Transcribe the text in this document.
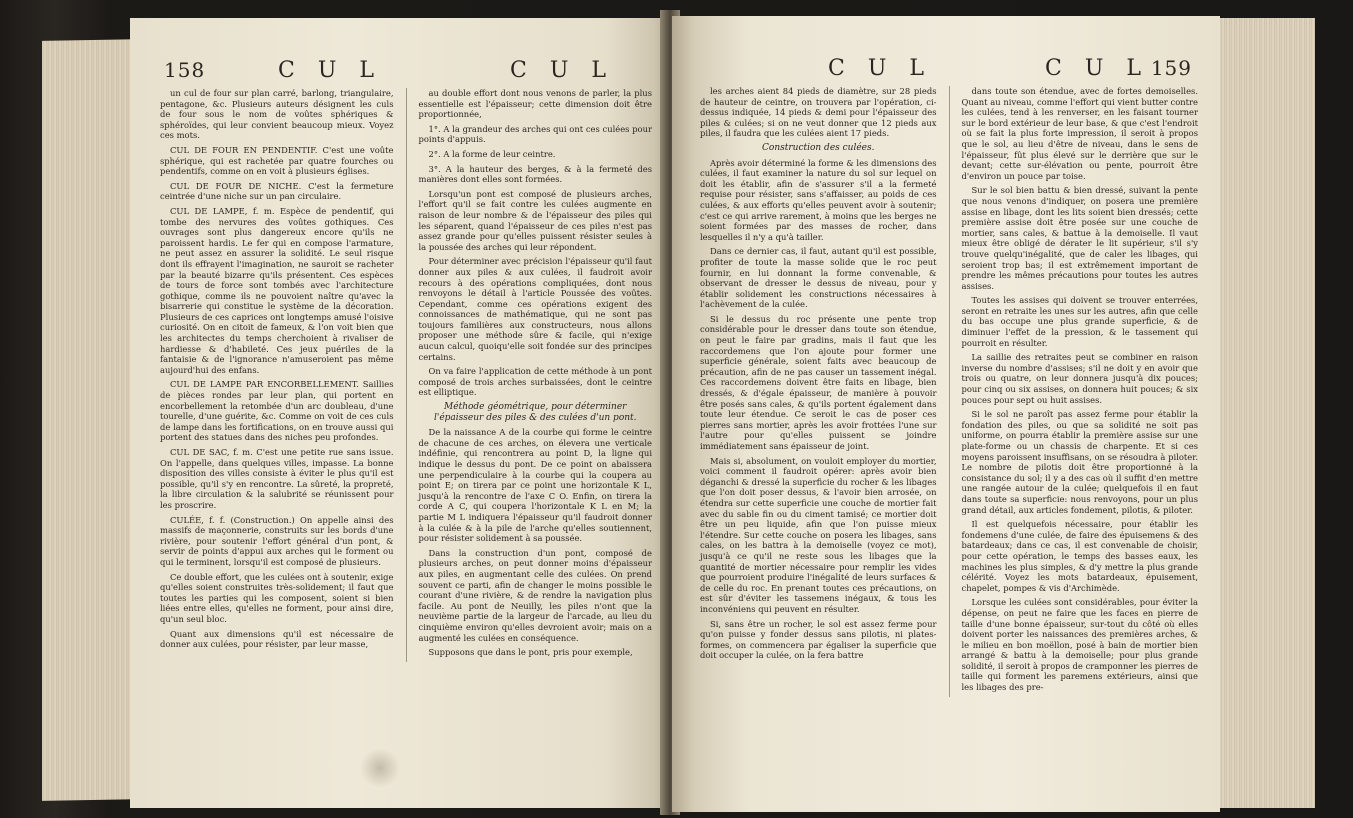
158	C U L	C U L

un cul de four sur plan carré, barlong, triangulaire, pentagone, &c. Plusieurs auteurs désignent les culs de four sous le nom de voûtes sphériques & sphéroïdes, qui leur convient beaucoup mieux. Voyez ces mots.

CUL DE FOUR EN PENDENTIF. C'est une voûte sphérique, qui est rachetée par quatre fourches ou pendentifs, comme on en voit à plusieurs églises.

CUL DE FOUR DE NICHE. C'est la fermeture ceintrée d'une niche sur un pan circulaire.

CUL DE LAMPE, f. m. Espèce de pendentif, qui tombe des nervures des voûtes gothiques. Ces ouvrages sont plus dangereux encore qu'ils ne paroissent hardis. Le fer qui en compose l'armature, ne peut assez en assurer la solidité. Le seul risque dont ils effrayent l'imagination, ne sauroit se racheter par la beauté bizarre qu'ils présentent. Ces espèces de tours de force sont tombés avec l'architecture gothique, comme ils ne pouvoient naître qu'avec la bisarrerie qui constitue le système de la décoration. Plusieurs de ces caprices ont longtemps amusé l'oisive curiosité. On en citoit de fameux, & l'on voit bien que les architectes du temps cherchoient à rivaliser de hardiesse & d'habileté. Ces jeux puériles de la fantaisie & de l'ignorance n'amuseroient pas même aujourd'hui des enfans.

CUL DE LAMPE PAR ENCORBELLEMENT. Saillies de pièces rondes par leur plan, qui portent en encorbellement la retombée d'un arc doubleau, d'une tourelle, d'une guérite, &c. Comme on voit de ces culs de lampe dans les fortifications, on en trouve aussi qui portent des statues dans des niches peu profondes.

CUL DE SAC, f. m. C'est une petite rue sans issue. On l'appelle, dans quelques villes, impasse. La bonne disposition des villes consiste à éviter le plus qu'il est possible, qu'il s'y en rencontre. La sûreté, la propreté, la libre circulation & la salubrité se réunissent pour les proscrire.

CULÉE, f. f. (Construction.) On appelle ainsi des massifs de maçonnerie, construits sur les bords d'une rivière, pour soutenir l'effort général d'un pont, & servir de points d'appui aux arches qui le forment ou qui le terminent, lorsqu'il est composé de plusieurs.

Ce double effort, que les culées ont à soutenir, exige qu'elles soient construites très-solidement; il faut que toutes les parties qui les composent, soient si bien liées entre elles, qu'elles ne forment, pour ainsi dire, qu'un seul bloc.

Quant aux dimensions qu'il est nécessaire de donner aux culées, pour résister, par leur masse,

au double effort dont nous venons de parler, la plus essentielle est l'épaisseur; cette dimension doit être proportionnée,

1°. A la grandeur des arches qui ont ces culées pour points d'appuis.

2°. A la forme de leur ceintre.

3°. A la hauteur des berges, & à la fermeté des manières dont elles sont formées.

Lorsqu'un pont est composé de plusieurs arches, l'effort qu'il se fait contre les culées augmente en raison de leur nombre & de l'épaisseur des piles qui les séparent, quand l'épaisseur de ces piles n'est pas assez grande pour qu'elles puissent résister seules à la poussée des arches qui leur répondent.

Pour déterminer avec précision l'épaisseur qu'il faut donner aux piles & aux culées, il faudroit avoir recours à des opérations compliquées, dont nous renvoyons le détail à l'article Poussée des voûtes. Cependant, comme ces opérations exigent des connoissances de mathématique, qui ne sont pas toujours familières aux constructeurs, nous allons proposer une méthode sûre & facile, qui n'exige aucun calcul, quoiqu'elle soit fondée sur des principes certains.

On va faire l'application de cette méthode à un pont composé de trois arches surbaissées, dont le ceintre est elliptique.

Méthode géométrique, pour déterminer l'épaisseur des piles & des culées d'un pont.

De la naissance A de la courbe qui forme le ceintre de chacune de ces arches, on élevera une verticale indéfinie, qui rencontrera au point D, la ligne qui indique le dessus du pont. De ce point on abaissera une perpendiculaire à la courbe qui la coupera au point E; on tirera par ce point une horizontale K L, jusqu'à la rencontre de l'axe C O. Enfin, on tirera la corde A C, qui coupera l'horizontale K L en M; la partie M L indiquera l'épaisseur qu'il faudroit donner à la culée & à la pile de l'arche qu'elles soutiennent, pour résister solidement à sa poussée.

Dans la construction d'un pont, composé de plusieurs arches, on peut donner moins d'épaisseur aux piles, en augmentant celle des culées. On prend souvent ce parti, afin de changer le moins possible le courant d'une rivière, & de rendre la navigation plus facile. Au pont de Neuilly, les piles n'ont que la neuvième partie de la largeur de l'arcade, au lieu du cinquième environ qu'elles devroient avoir; mais on a augmenté les culées en conséquence.

Supposons que dans le pont, pris pour exemple,

C U L	C U L 159

les arches aient 84 pieds de diamètre, sur 28 pieds de hauteur de ceintre, on trouvera par l'opération, ci-dessus indiquée, 14 pieds & demi pour l'épaisseur des piles & culées; si on ne veut donner que 12 pieds aux piles, il faudra que les culées aient 17 pieds.

Construction des culées.

Après avoir déterminé la forme & les dimensions des culées, il faut examiner la nature du sol sur lequel on doit les établir, afin de s'assurer s'il a la fermeté requise pour résister, sans s'affaisser, au poids de ces culées, & aux efforts qu'elles peuvent avoir à soutenir; c'est ce qui arrive rarement, à moins que les berges ne soient formées par des masses de rocher, dans lesquelles il n'y a qu'à tailler.

Dans ce dernier cas, il faut, autant qu'il est possible, profiter de toute la masse solide que le roc peut fournir, en lui donnant la forme convenable, & observant de dresser le dessus de niveau, pour y établir solidement les constructions nécessaires à l'achèvement de la culée.

Si le dessus du roc présente une pente trop considérable pour le dresser dans toute son étendue, on peut le faire par gradins, mais il faut que les raccordemens que l'on ajoute pour former une superficie générale, soient faits avec beaucoup de précaution, afin de ne pas causer un tassement inégal. Ces raccordemens doivent être faits en libage, bien dressés, & d'égale épaisseur, de manière à pouvoir être posés sans cales, & qu'ils portent également dans toute leur étendue. Ce seroit le cas de poser ces pierres sans mortier, après les avoir frottées l'une sur l'autre pour qu'elles puissent se joindre immédiatement sans épaisseur de joint.

Mais si, absolument, on vouloit employer du mortier, voici comment il faudroit opérer: après avoir bien déganchi & dressé la superficie du rocher & les libages que l'on doit poser dessus, & l'avoir bien arrosée, on étendra sur cette superficie une couche de mortier fait avec du sable fin ou du ciment tamisé; ce mortier doit être un peu liquide, afin que l'on puisse mieux l'étendre. Sur cette couche on posera les libages, sans cales, on les battra à la demoiselle (voyez ce mot), jusqu'à ce qu'il ne reste sous les libages que la quantité de mortier nécessaire pour remplir les vides que pourroient produire l'inégalité de leurs surfaces & de celle du roc. En prenant toutes ces précautions, on est sûr d'éviter les tassemens inégaux, & tous les inconvéniens qui peuvent en résulter.

Si, sans être un rocher, le sol est assez ferme pour qu'on puisse y fonder dessus sans pilotis, ni plates-formes, on commencera par égaliser la superficie que doit occuper la culée, on la fera battre

dans toute son étendue, avec de fortes demoiselles. Quant au niveau, comme l'effort qui vient butter contre les culées, tend à les renverser, en les faisant tourner sur le bord extérieur de leur base, & que c'est l'endroit où se fait la plus forte impression, il seroit à propos que le sol, au lieu d'être de niveau, dans le sens de l'épaisseur, fût plus élevé sur le derrière que sur le devant; cette sur-élévation ou pente, pourroit être d'environ un pouce par toise.

Sur le sol bien battu & bien dressé, suivant la pente que nous venons d'indiquer, on posera une première assise en libage, dont les lits soient bien dressés; cette première assise doit être posée sur une couche de mortier, sans cales, & battue à la demoiselle. Il vaut mieux être obligé de dérater le lit supérieur, s'il s'y trouve quelqu'inégalité, que de caler les libages, qui seroient trop bas; il est extrêmement important de prendre les mêmes précautions pour toutes les autres assises.

Toutes les assises qui doivent se trouver enterrées, seront en retraite les unes sur les autres, afin que celle du bas occupe une plus grande superficie, & de diminuer l'effet de la pression, & le tassement qui pourroit en résulter.

La saillie des retraites peut se combiner en raison inverse du nombre d'assises; s'il ne doit y en avoir que trois ou quatre, on leur donnera jusqu'à dix pouces; pour cinq ou six assises, on donnera huit pouces; & six pouces pour sept ou huit assises.

Si le sol ne paroît pas assez ferme pour établir la fondation des piles, ou que sa solidité ne soit pas uniforme, on pourra établir la première assise sur une plate-forme ou un chassis de charpente. Et si ces moyens paroissent insuffisans, on se résoudra à piloter. Le nombre de pilotis doit être proportionné à la consistance du sol; il y a des cas où il suffit d'en mettre une rangée autour de la culée; quelquefois il en faut dans toute sa superficie: nous renvoyons, pour un plus grand détail, aux articles fondement, pilotis, & piloter.

Il est quelquefois nécessaire, pour établir les fondemens d'une culée, de faire des épuisemens & des batardeaux; dans ce cas, il est convenable de choisir, pour cette opération, le temps des basses eaux, les machines les plus simples, & d'y mettre la plus grande célérité. Voyez les mots batardeaux, épuisement, chapelet, pompes & vis d'Archimède.

Lorsque les culées sont considérables, pour éviter la dépense, on peut ne faire que les faces en pierre de taille d'une bonne épaisseur, sur-tout du côté où elles doivent porter les naissances des premières arches, & le milieu en bon moëllon, posé à bain de mortier bien arrangé & battu à la demoiselle; pour plus grande solidité, il seroit à propos de cramponner les pierres de taille qui forment les paremens extérieurs, ainsi que les libages des pre-
